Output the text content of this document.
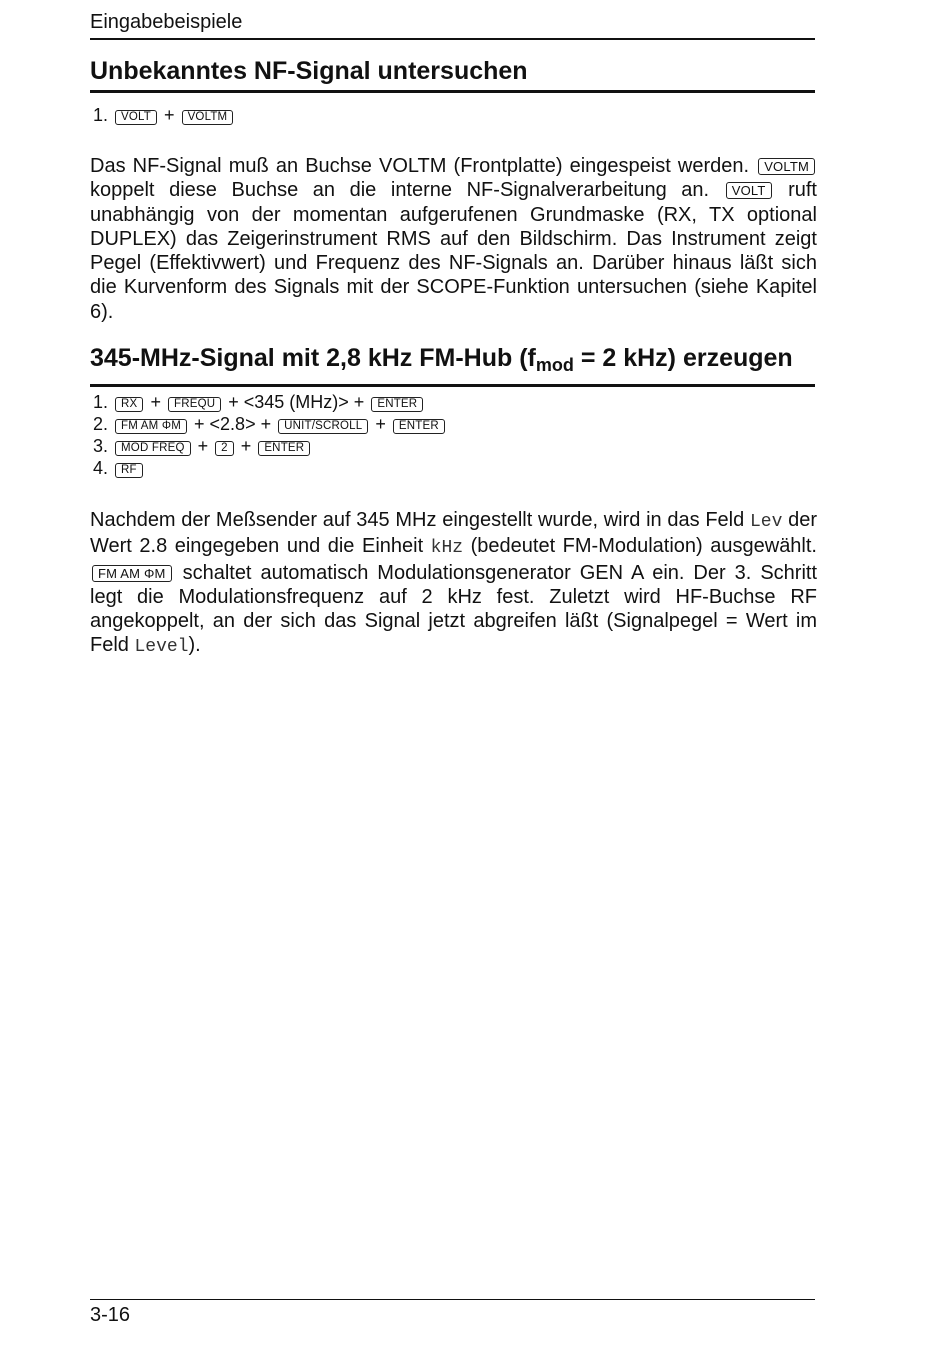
Eingabebeispiele
Unbekanntes NF-Signal untersuchen
1. VOLT + VOLTM

Das NF-Signal muß an Buchse VOLTM (Frontplatte) eingespeist werden. VOLTM koppelt diese Buchse an die interne NF-Signalverarbeitung an. VOLT ruft unabhängig von der momentan aufgerufenen Grundmaske (RX, TX optional DUPLEX) das Zeigerinstrument RMS auf den Bildschirm. Das Instrument zeigt Pegel (Effektivwert) und Frequenz des NF-Signals an. Darüber hinaus läßt sich die Kurvenform des Signals mit der SCOPE-Funktion untersuchen (siehe Kapitel 6).

345-MHz-Signal mit 2,8 kHz FM-Hub ($f_{mod} = 2$ kHz) erzeugen
1. RX + FREQU + <345 (MHz)> + ENTER
2. FM AM ΦM + <2.8> + UNIT/SCROLL + ENTER
3. MOD FREQ + 2 + ENTER
4. RF

Nachdem der Meßsender auf 345 MHz eingestellt wurde, wird in das Feld Lev der Wert 2.8 eingegeben und die Einheit kHz (bedeutet FM-Modulation) ausgewählt. FM AM ΦM schaltet automatisch Modulationsgenerator GEN A ein. Der 3. Schritt legt die Modulationsfrequenz auf 2 kHz fest. Zuletzt wird HF-Buchse RF angekoppelt, an der sich das Signal jetzt abgreifen läßt (Signalpegel = Wert im Feld Level).

3-16
